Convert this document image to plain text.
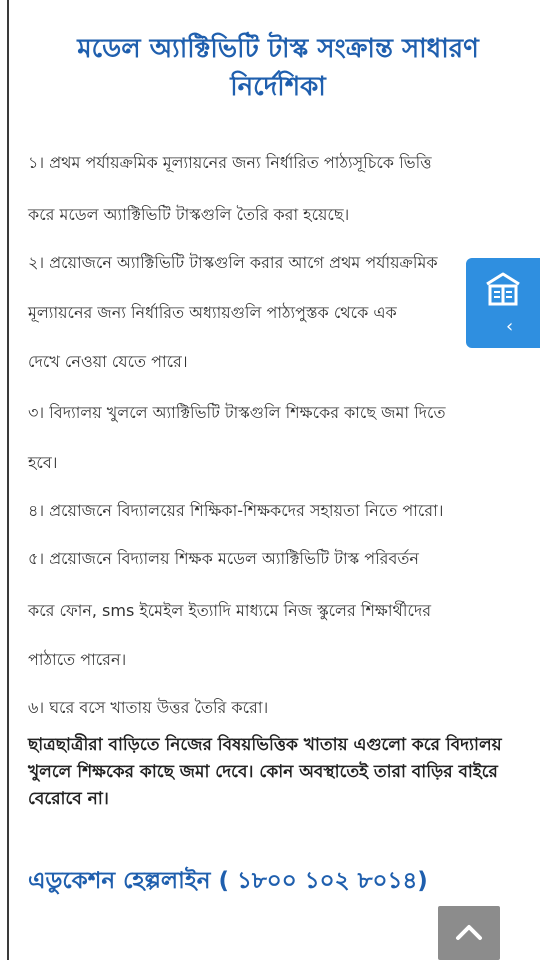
মডেল অ্যাক্টিভিটি টাস্ক সংক্রান্ত সাধারণ
নির্দেশিকা
১। প্রথম পর্যায়ক্রমিক মূল্যায়নের জন্য নির্ধারিত পাঠ্যসূচিকে ভিত্তি
করে মডেল অ্যাক্টিভিটি টাস্কগুলি তৈরি করা হয়েছে।
২। প্রয়োজনে অ্যাক্টিভিটি টাস্কগুলি করার আগে প্রথম পর্যায়ক্রমিক
মূল্যায়নের জন্য নির্ধারিত অধ্যায়গুলি পাঠ্যপুস্তক থেকে এক
দেখে নেওয়া যেতে পারে।
৩। বিদ্যালয় খুললে অ্যাক্টিভিটি টাস্কগুলি শিক্ষকের কাছে জমা দিতে
হবে।
৪। প্রয়োজনে বিদ্যালয়ের শিক্ষিকা-শিক্ষকদের সহায়তা নিতে পারো।
৫। প্রয়োজনে বিদ্যালয় শিক্ষক মডেল অ্যাক্টিভিটি টাস্ক পরিবর্তন
করে ফোন, sms ইমেইল ইত্যাদি মাধ্যমে নিজ স্কুলের শিক্ষার্থীদের
পাঠাতে পারেন।
৬। ঘরে বসে খাতায় উত্তর তৈরি করো।
ছাত্রছাত্রীরা বাড়িতে নিজের বিষয়ভিত্তিক খাতায় এগুলো করে বিদ্যালয় খুললে শিক্ষকের কাছে জমা দেবে। কোন অবস্থাতেই তারা বাড়ির বাইরে বেরোবে না।
এডুকেশন হেল্পলাইন ( ১৮০০ ১০২ ৮০১৪)
‹
